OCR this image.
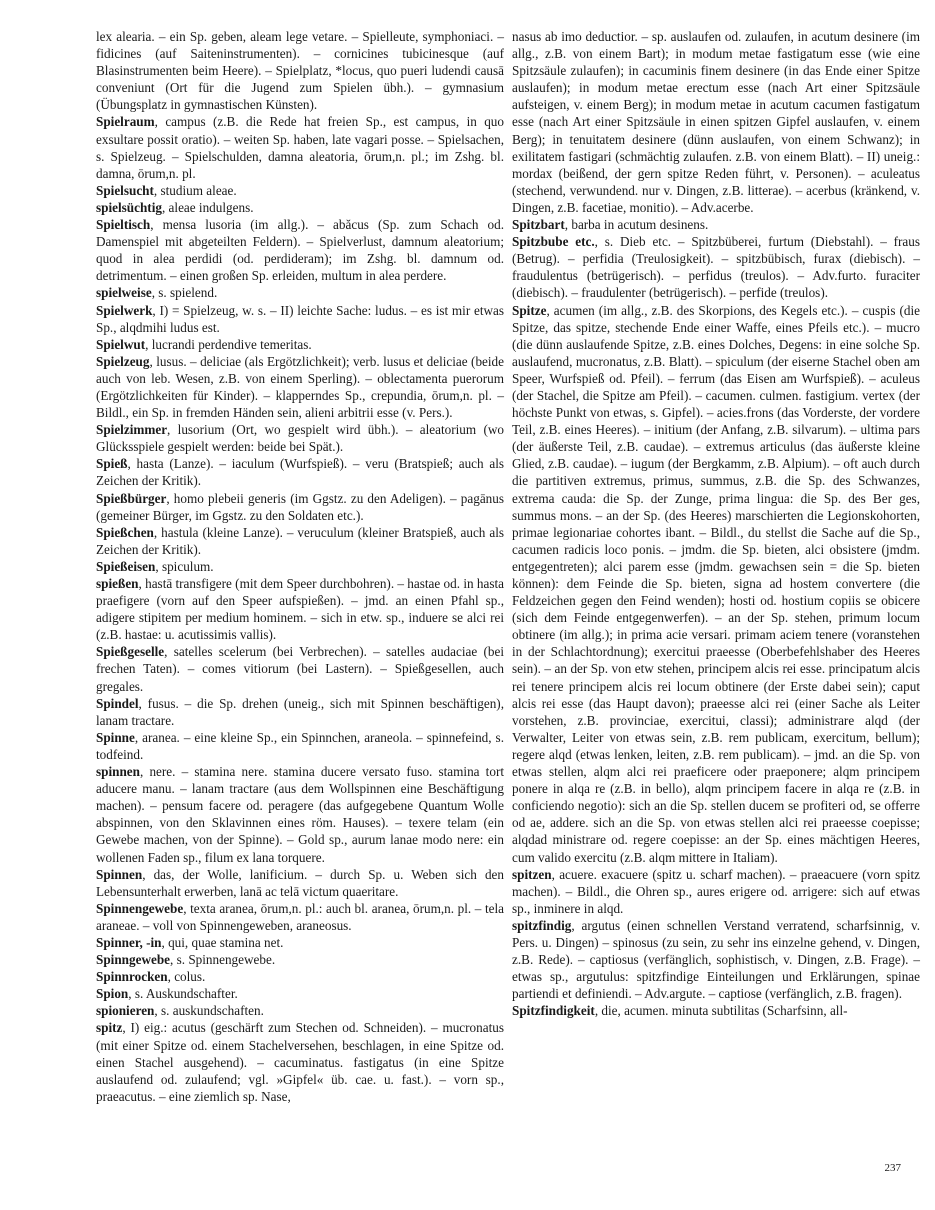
lex alearia. – ein Sp. geben, aleam lege vetare. – Spielleute, symphoniaci. – fidicines (auf Saiteninstrumenten). – cornicines tubicinesque (auf Blasinstrumenten beim Heere). – Spielplatz, *locus, quo pueri ludendi causā conveniunt (Ort für die Jugend zum Spielen übh.). – gymnasium (Übungsplatz in gymnastischen Künsten).

Spielraum, campus (z.B. die Rede hat freien Sp., est campus, in quo exsultare possit oratio). – weiten Sp. haben, late vagari posse. – Spielsachen, s. Spielzeug. – Spielschulden, damna aleatoria, ōrum,n. pl.; im Zshg. bl. damna, ōrum,n. pl.

Spielsucht, studium aleae.

spielsüchtig, aleae indulgens.

Spieltisch, mensa lusoria (im allg.). – abăcus (Sp. zum Schach od. Damenspiel mit abgeteilten Feldern). – Spielverlust, damnum aleatorium; quod in alea perdidi (od. perdideram); im Zshg. bl. damnum od. detrimentum. – einen großen Sp. erleiden, multum in alea perdere.

spielweise, s. spielend.

Spielwerk, I) = Spielzeug, w. s. – II) leichte Sache: ludus. – es ist mir etwas Sp., alqdmihi ludus est.

Spielwut, lucrandi perdendive temeritas.

Spielzeug, lusus. – deliciae (als Ergötzlichkeit); verb. lusus et deliciae (beide auch von leb. Wesen, z.B. von einem Sperling). – oblectamenta puerorum (Ergötzlichkeiten für Kinder). – klapperndes Sp., crepundia, ōrum,n. pl. – Bildl., ein Sp. in fremden Händen sein, alieni arbitrii esse (v. Pers.).

Spielzimmer, lusorium (Ort, wo gespielt wird übh.). – aleatorium (wo Glücksspiele gespielt werden: beide bei Spät.).

Spieß, hasta (Lanze). – iaculum (Wurfspieß). – veru (Bratspieß; auch als Zeichen der Kritik).

Spießbürger, homo plebeii generis (im Ggstz. zu den Adeligen). – pagānus (gemeiner Bürger, im Ggstz. zu den Soldaten etc.).

Spießchen, hastula (kleine Lanze). – veruculum (kleiner Bratspieß, auch als Zeichen der Kritik).

Spießeisen, spiculum.

spießen, hastā transfigere (mit dem Speer durchbohren). – hastae od. in hasta praefigere (vorn auf den Speer aufspießen). – jmd. an einen Pfahl sp., adigere stipitem per medium hominem. – sich in etw. sp., induere se alci rei (z.B. hastae: u. acutissimis vallis).

Spießgeselle, satelles scelerum (bei Verbrechen). – satelles audaciae (bei frechen Taten). – comes vitiorum (bei Lastern). – Spießgesellen, auch gregales.

Spindel, fusus. – die Sp. drehen (uneig., sich mit Spinnen beschäftigen), lanam tractare.

Spinne, aranea. – eine kleine Sp., ein Spinnchen, araneola. – spinnefeind, s. todfeind.

spinnen, nere. – stamina nere. stamina ducere versato fuso. stamina tort aducere manu. – lanam tractare (aus dem Wollspinnen eine Beschäftigung machen). – pensum facere od. peragere (das aufgegebene Quantum Wolle abspinnen, von den Sklavinnen eines röm. Hauses). – texere telam (ein Gewebe machen, von der Spinne). – Gold sp., aurum lanae modo nere: ein wollenen Faden sp., filum ex lana torquere.

Spinnen, das, der Wolle, lanificium. – durch Sp. u. Weben sich den Lebensunterhalt erwerben, lanā ac telā victum quaeritare.

Spinnengewebe, texta aranea, ōrum,n. pl.: auch bl. aranea, ōrum,n. pl. – tela araneae. – voll von Spinnengeweben, araneosus.

Spinner, -in, qui, quae stamina net.

Spinngewebe, s. Spinnengewebe.

Spinnrocken, colus.

Spion, s. Auskundschafter.

spionieren, s. auskundschaften.

spitz, I) eig.: acutus (geschärft zum Stechen od. Schneiden). – mucronatus (mit einer Spitze od. einem Stachelversehen, beschlagen, in eine Spitze od. einen Stachel ausgehend). – cacuminatus. fastigatus (in eine Spitze auslaufend od. zulaufend; vgl. »Gipfel« üb. cae. u. fast.). – vorn sp., praeacutus. – eine ziemlich sp. Nase,

nasus ab imo deductior. – sp. auslaufen od. zulaufen, in acutum desinere (im allg., z.B. von einem Bart); in modum metae fastigatum esse (wie eine Spitzsäule zulaufen); in cacuminis finem desinere (in das Ende einer Spitze auslaufen); in modum metae erectum esse (nach Art einer Spitzsäule aufsteigen, v. einem Berg); in modum metae in acutum cacumen fastigatum esse (nach Art einer Spitzsäule in einen spitzen Gipfel auslaufen, v. einem Berg); in tenuitatem desinere (dünn auslaufen, von einem Schwanz); in exilitatem fastigari (schmächtig zulaufen. z.B. von einem Blatt). – II) uneig.: mordax (beißend, der gern spitze Reden führt, v. Personen). – aculeatus (stechend, verwundend. nur v. Dingen, z.B. litterae). – acerbus (kränkend, v. Dingen, z.B. facetiae, monitio). – Adv.acerbe.

Spitzbart, barba in acutum desinens.

Spitzbube etc., s. Dieb etc. – Spitzbüberei, furtum (Diebstahl). – fraus (Betrug). – perfidia (Treulosigkeit). – spitzbübisch, furax (diebisch). – fraudulentus (betrügerisch). – perfidus (treulos). – Adv.furto. furaciter (diebisch). – fraudulenter (betrügerisch). – perfide (treulos).

Spitze, acumen (im allg., z.B. des Skorpions, des Kegels etc.). – cuspis (die Spitze, das spitze, stechende Ende einer Waffe, eines Pfeils etc.). – mucro (die dünn auslaufende Spitze, z.B. eines Dolches, Degens: in eine solche Sp. auslaufend, mucronatus, z.B. Blatt). – spiculum (der eiserne Stachel oben am Speer, Wurfspieß od. Pfeil). – ferrum (das Eisen am Wurfspieß). – aculeus (der Stachel, die Spitze am Pfeil). – cacumen. culmen. fastigium. vertex (der höchste Punkt von etwas, s. Gipfel). – acies.frons (das Vorderste, der vordere Teil, z.B. eines Heeres). – initium (der Anfang, z.B. silvarum). – ultima pars (der äußerste Teil, z.B. caudae). – extremus articulus (das äußerste kleine Glied, z.B. caudae). – iugum (der Bergkamm, z.B. Alpium). – oft auch durch die partitiven extremus, primus, summus, z.B. die Sp. des Schwanzes, extrema cauda: die Sp. der Zunge, prima lingua: die Sp. des Ber ges, summus mons. – an der Sp. (des Heeres) marschierten die Legionskohorten, primae legionariae cohortes ibant. – Bildl., du stellst die Sache auf die Sp., cacumen radicis loco ponis. – jmdm. die Sp. bieten, alci obsistere (jmdm. entgegentreten); alci parem esse (jmdm. gewachsen sein = die Sp. bieten können): dem Feinde die Sp. bieten, signa ad hostem convertere (die Feldzeichen gegen den Feind wenden); hosti od. hostium copiis se obicere (sich dem Feinde entgegenwerfen). – an der Sp. stehen, primum locum obtinere (im allg.); in prima acie versari. primam aciem tenere (voranstehen in der Schlachtordnung); exercitui praeesse (Oberbefehlshaber des Heeres sein). – an der Sp. von etw stehen, principem alcis rei esse. principatum alcis rei tenere principem alcis rei locum obtinere (der Erste dabei sein); caput alcis rei esse (das Haupt davon); praeesse alci rei (einer Sache als Leiter vorstehen, z.B. provinciae, exercitui, classi); administrare alqd (der Verwalter, Leiter von etwas sein, z.B. rem publicam, exercitum, bellum); regere alqd (etwas lenken, leiten, z.B. rem publicam). – jmd. an die Sp. von etwas stellen, alqm alci rei praeficere oder praeponere; alqm principem ponere in alqa re (z.B. in bello), alqm principem facere in alqa re (z.B. in conficiendo negotio): sich an die Sp. stellen ducem se profiteri od, se offerre od ae, addere. sich an die Sp. von etwas stellen alci rei praeesse coepisse; alqdad ministrare od. regere coepisse: an der Sp. eines mächtigen Heeres, cum valido exercitu (z.B. alqm mittere in Italiam).

spitzen, acuere. exacuere (spitz u. scharf machen). – praeacuere (vorn spitz machen). – Bildl., die Ohren sp., aures erigere od. arrigere: sich auf etwas sp., inminere in alqd.

spitzfindig, argutus (einen schnellen Verstand verratend, scharfsinnig, v. Pers. u. Dingen) – spinosus (zu sein, zu sehr ins einzelne gehend, v. Dingen, z.B. Rede). – captiosus (verfänglich, sophistisch, v. Dingen, z.B. Frage). – etwas sp., argutulus: spitzfindige Einteilungen und Erklärungen, spinae partiendi et definiendi. – Adv.argute. – captiose (verfänglich, z.B. fragen).

Spitzfindigkeit, die, acumen. minuta subtilitas (Scharfsinn, all-

237
